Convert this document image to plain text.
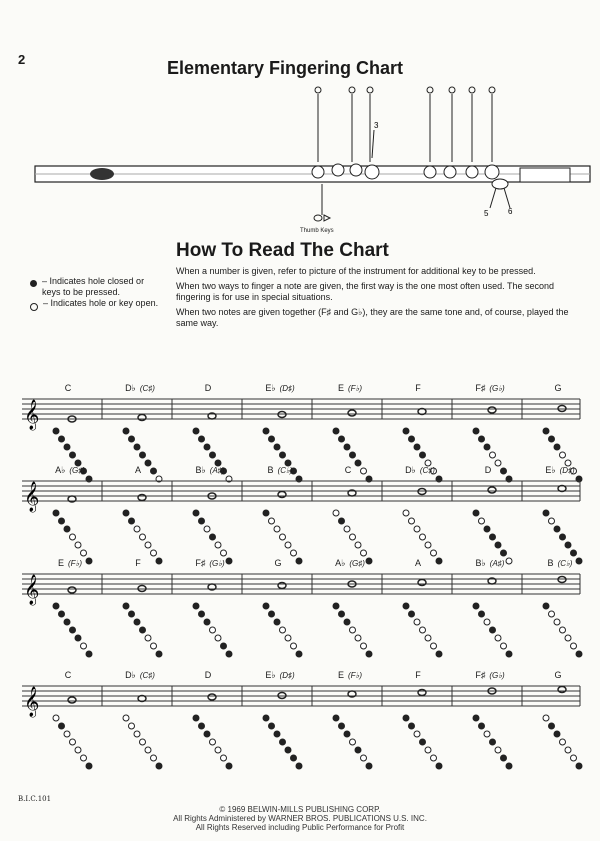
2	Elementary Fingering Chart
3
5 6
Thumb Keys
How To Read The Chart
– Indicates hole closed or keys to be pressed.
– Indicates hole or key open.

When a number is given, refer to picture of the instrument for additional key to be pressed.

When two ways to finger a note are given, the first way is the one most often used. The second fingering is for use in special situations.

When two notes are given together (F♯ and G♭), they are the same tone and, of course, played the same way.

C	D♭ (C♯)	D	E♭ (D♯)	E (F♭)	F	F♯ (G♭)	G
𝄞
A♭ (G♯)	A	B♭ (A♯)	B (C♭)	C	D♭ (C♯)	D	E♭ (D♯)
𝄞
E (F♭)	F	F♯ (G♭)	G	A♭ (G♯)	A	B♭ (A♯)	B (C♭)
𝄞
C	D♭ (C♯)	D	E♭ (D♯)	E (F♭)	F	F♯ (G♭)	G
𝄞
B.I.C.101
© 1969 BELWIN-MILLS PUBLISHING CORP.
All Rights Administered by WARNER BROS. PUBLICATIONS U.S. INC.
All Rights Reserved including Public Performance for Profit
